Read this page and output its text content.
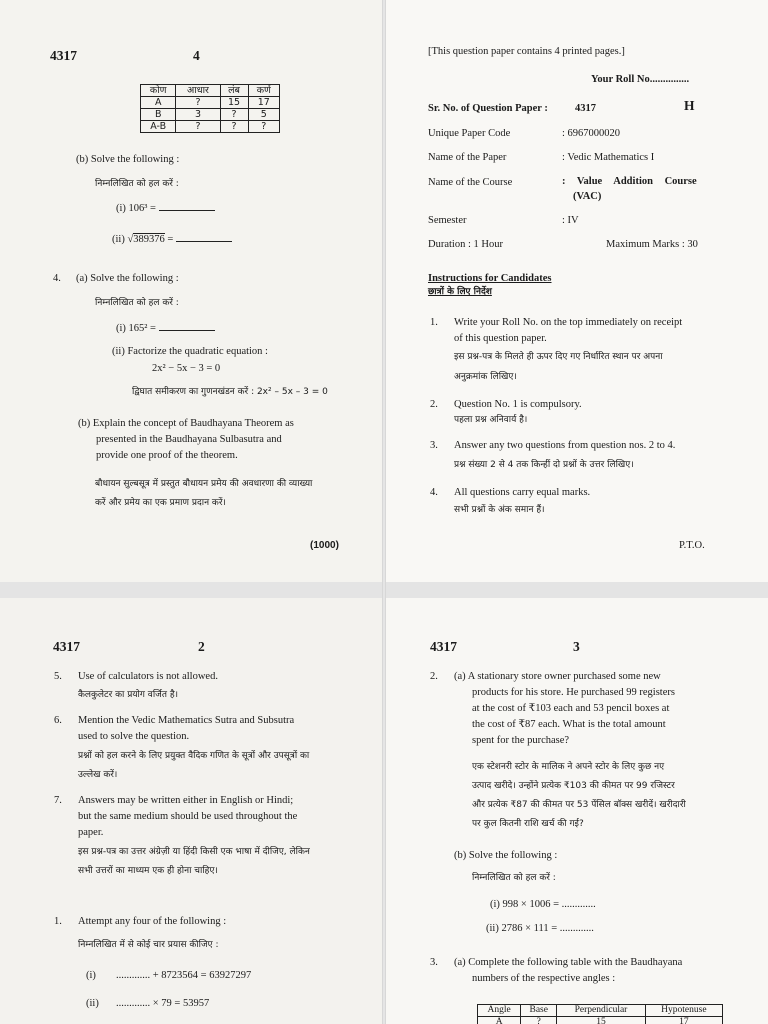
4317	4
कोण	आधार	लंब	कर्ण
A	?	15	17
B	3	?	5
A-B	?	?	?
(b) Solve the following :
निम्नलिखित को हल करें :
(i) 106³ =
(ii) √389376 =
4. (a) Solve the following :
निम्नलिखित को हल करें :
(i) 165² =
(ii) Factorize the quadratic equation :
2x² − 5x − 3 = 0
द्विघात समीकरण का गुणनखंडन करें : 2x² – 5x – 3 = 0
(b) Explain the concept of Baudhayana Theorem as
presented in the Baudhayana Sulbasutra and
provide one proof of the theorem.
बौधायन सुल्बसूत्र में प्रस्तुत बौधायन प्रमेय की अवधारणा की व्याख्या
करें और प्रमेय का एक प्रमाण प्रदान करें।
(1000)
[This question paper contains 4 printed pages.]
Your Roll No...............
Sr. No. of Question Paper :	4317	H
Unique Paper Code	: 6967000020
Name of the Paper	: Vedic Mathematics I
Name of the Course	: Value Addition Course
(VAC)
Semester	: IV
Duration : 1 Hour	Maximum Marks : 30
Instructions for Candidates
छात्रों के लिए निर्देश
1. Write your Roll No. on the top immediately on receipt
of this question paper.
इस प्रश्न-पत्र के मिलते ही ऊपर दिए गए निर्धारित स्थान पर अपना
अनुक्रमांक लिखिए।
2. Question No. 1 is compulsory.
पहला प्रश्न अनिवार्य है।
3. Answer any two questions from question nos. 2 to 4.
प्रश्न संख्या 2 से 4 तक किन्हीं दो प्रश्नों के उत्तर लिखिए।
4. All questions carry equal marks.
सभी प्रश्नों के अंक समान हैं।
P.T.O.
4317	2
5. Use of calculators is not allowed.
कैलकुलेटर का प्रयोग वर्जित है।
6. Mention the Vedic Mathematics Sutra and Subsutra
used to solve the question.
प्रश्नों को हल करने के लिए प्रयुक्त वैदिक गणित के सूत्रों और उपसूत्रों का
उल्लेख करें।
7. Answers may be written either in English or Hindi;
but the same medium should be used throughout the
paper.
इस प्रश्न-पत्र का उत्तर अंग्रेज़ी या हिंदी किसी एक भाषा में दीजिए, लेकिन
सभी उत्तरों का माध्यम एक ही होना चाहिए।
1. Attempt any four of the following :
निम्नलिखित में से कोई चार प्रयास कीजिए :
(i) ............. + 8723564 = 63927297
(ii) ............. × 79 = 53957
4317	3
2. (a) A stationary store owner purchased some new
products for his store. He purchased 99 registers
at the cost of ₹103 each and 53 pencil boxes at
the cost of ₹87 each. What is the total amount
spent for the purchase?
एक स्टेशनरी स्टोर के मालिक ने अपने स्टोर के लिए कुछ नए
उत्पाद खरीदे। उन्होंने प्रत्येक ₹103 की कीमत पर 99 रजिस्टर
और प्रत्येक ₹87 की कीमत पर 53 पेंसिल बॉक्स खरीदें। खरीदारी
पर कुल कितनी राशि खर्च की गई?
(b) Solve the following :
निम्नलिखित को हल करें :
(i) 998 × 1006 = .............
(ii) 2786 × 111 = .............
3. (a) Complete the following table with the Baudhayana
numbers of the respective angles :
Angle	Base	Perpendicular	Hypotenuse
A	?	15	17
